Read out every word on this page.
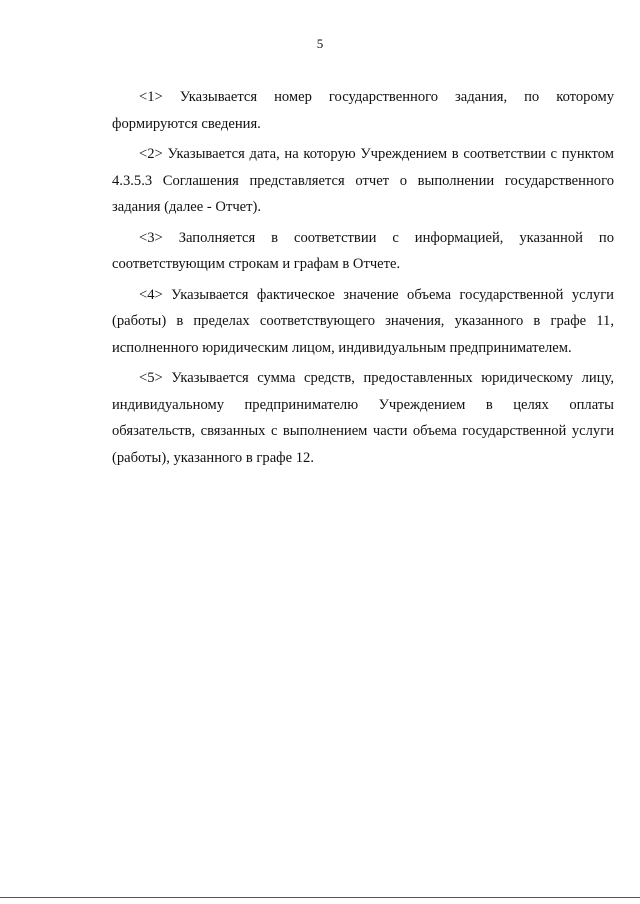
5

<1> Указывается номер государственного задания, по которому формируются сведения.

<2> Указывается дата, на которую Учреждением в соответствии с пунктом 4.3.5.3 Соглашения представляется отчет о выполнении государственного задания (далее - Отчет).

<3> Заполняется в соответствии с информацией, указанной по соответствующим строкам и графам в Отчете.

<4> Указывается фактическое значение объема государственной услуги (работы) в пределах соответствующего значения, указанного в графе 11, исполненного юридическим лицом, индивидуальным предпринимателем.

<5> Указывается сумма средств, предоставленных юридическому лицу, индивидуальному предпринимателю Учреждением в целях оплаты обязательств, связанных с выполнением части объема государственной услуги (работы), указанного в графе 12.
